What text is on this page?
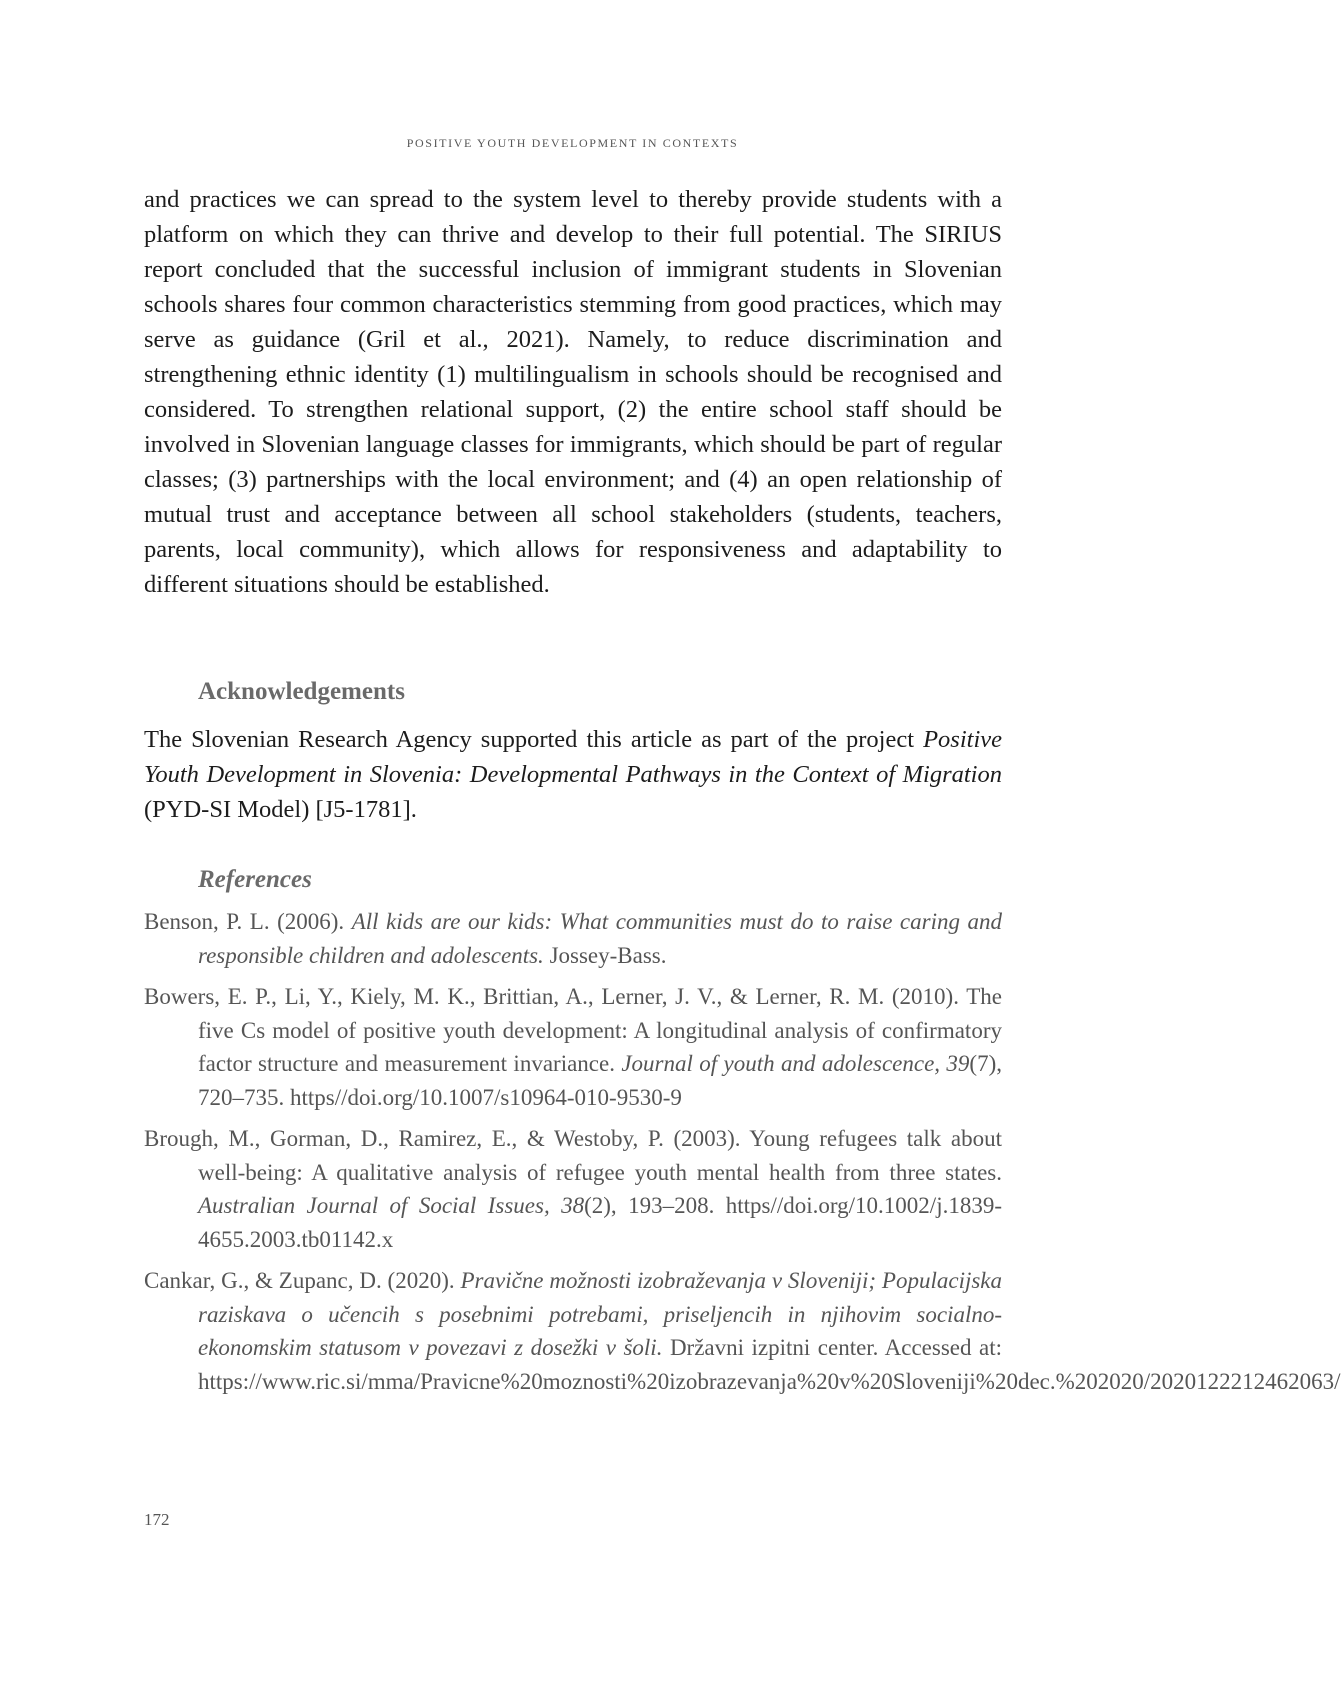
POSITIVE YOUTH DEVELOPMENT IN CONTEXTS

and practices we can spread to the system level to thereby provide students with a platform on which they can thrive and develop to their full potential. The SIRIUS report concluded that the successful inclusion of immigrant students in Slovenian schools shares four common characteristics stemming from good practices, which may serve as guidance (Gril et al., 2021). Namely, to reduce discrimination and strengthening ethnic identity (1) multilingualism in schools should be recognised and considered. To strengthen relational support, (2) the entire school staff should be involved in Slovenian language classes for immigrants, which should be part of regular classes; (3) partnerships with the local environment; and (4) an open relationship of mutual trust and acceptance between all school stakeholders (students, teachers, parents, local community), which allows for responsiveness and adaptability to different situations should be established.

Acknowledgements

The Slovenian Research Agency supported this article as part of the project Positive Youth Development in Slovenia: Developmental Pathways in the Context of Migration (PYD-SI Model) [J5-1781].

References
Benson, P. L. (2006). All kids are our kids: What communities must do to raise caring and responsible children and adolescents. Jossey-Bass.
Bowers, E. P., Li, Y., Kiely, M. K., Brittian, A., Lerner, J. V., & Lerner, R. M. (2010). The five Cs model of positive youth development: A longitudinal analysis of confirmatory factor structure and measurement invariance. Journal of youth and adolescence, 39(7), 720–735. https//doi.org/10.1007/s10964-010-9530-9
Brough, M., Gorman, D., Ramirez, E., & Westoby, P. (2003). Young refugees talk about well-being: A qualitative analysis of refugee youth mental health from three states. Australian Journal of Social Issues, 38(2), 193–208. https//doi.org/10.1002/j.1839-4655.2003.tb01142.x
Cankar, G., & Zupanc, D. (2020). Pravične možnosti izobraževanja v Sloveniji; Populacijska raziskava o učencih s posebnimi potrebami, priseljencih in njihovim socialno-ekonomskim statusom v povezavi z dosežki v šoli. Državni izpitni center. Accessed at: https://www.ric.si/mma/Pravicne%20moznosti%20izobrazevanja%20v%20Sloveniji%20dec.%202020/2020122212462063/
172
